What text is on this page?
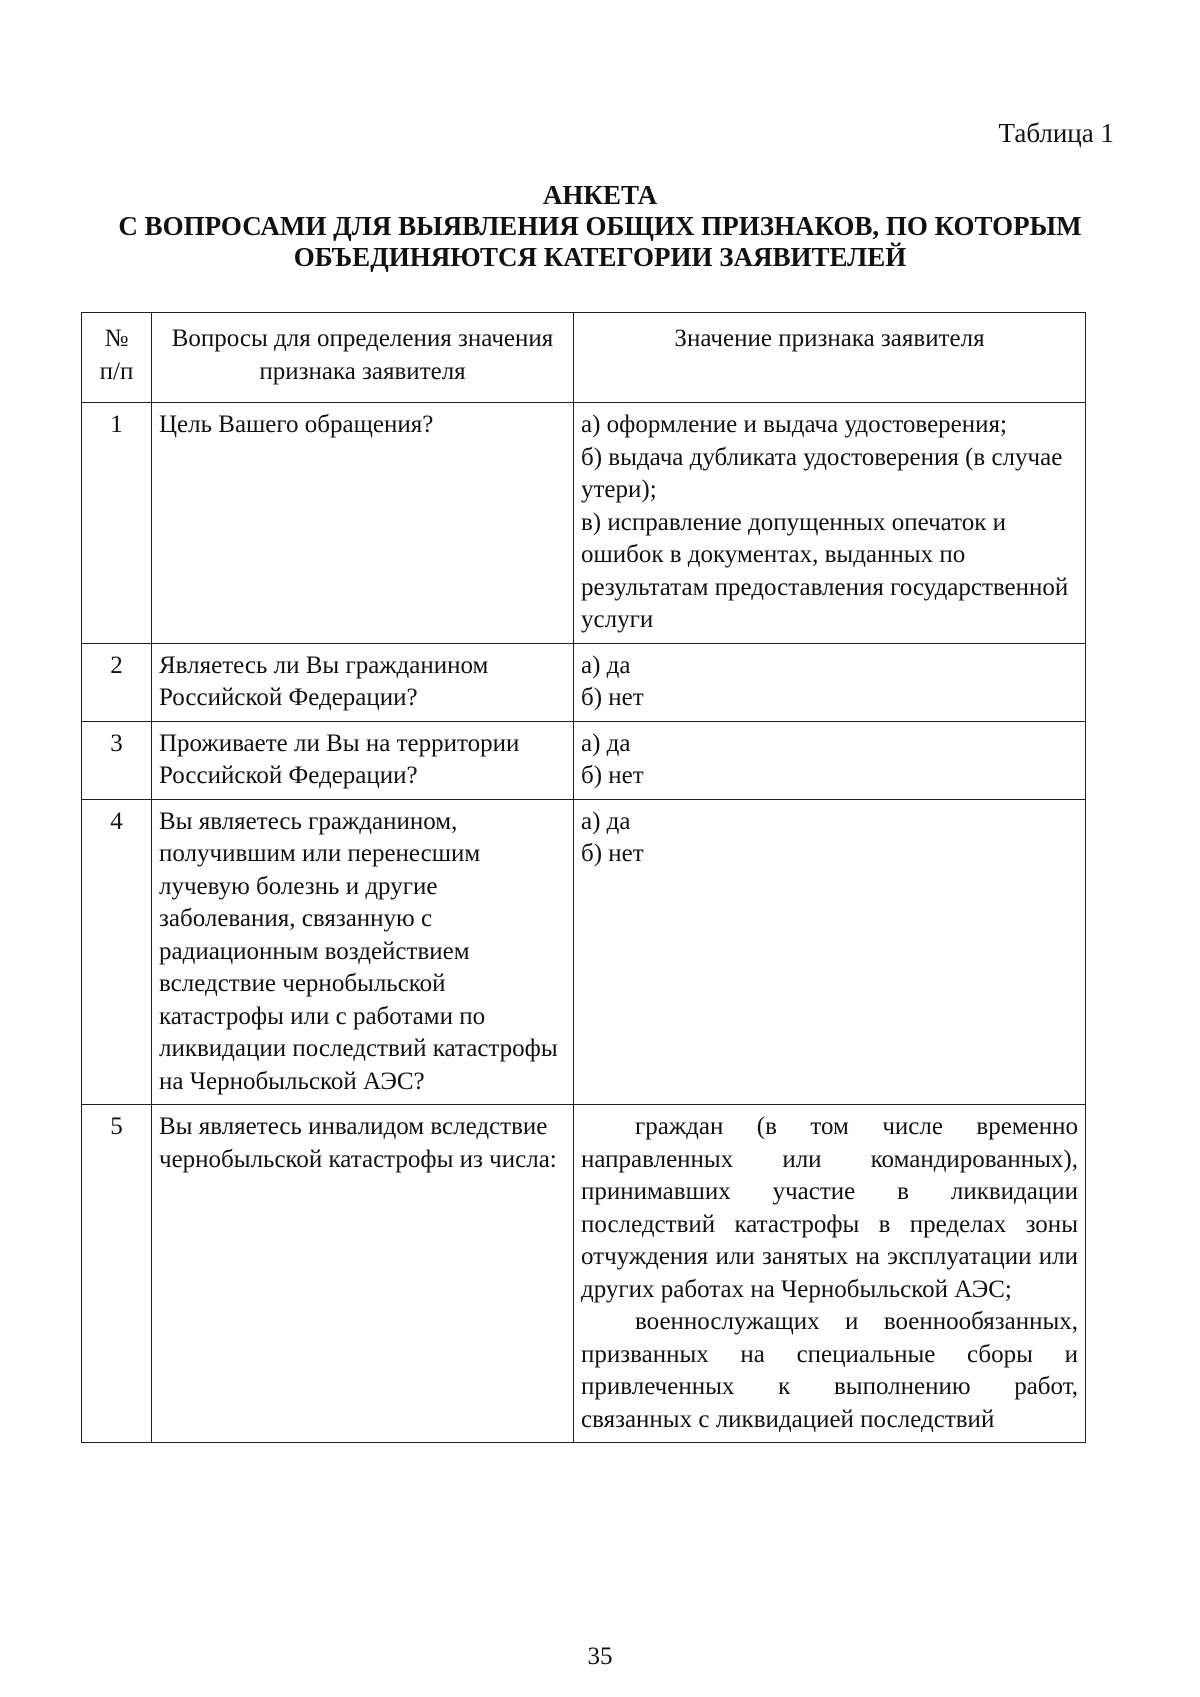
Таблица 1

АНКЕТА
С ВОПРОСАМИ ДЛЯ ВЫЯВЛЕНИЯ ОБЩИХ ПРИЗНАКОВ, ПО КОТОРЫМ
ОБЪЕДИНЯЮТСЯ КАТЕГОРИИ ЗАЯВИТЕЛЕЙ
№
п/п	Вопросы для определения значения признака заявителя	Значение признака заявителя
1	Цель Вашего обращения?	а) оформление и выдача удостоверения;
б) выдача дубликата удостоверения (в случае утери);
в) исправление допущенных опечаток и ошибок в документах, выданных по результатам предоставления государственной услуги

2	Являетесь ли Вы гражданином Российской Федерации?	а) да
б) нет

3	Проживаете ли Вы на территории Российской Федерации?	а) да
б) нет

4	Вы являетесь гражданином, получившим или перенесшим лучевую болезнь и другие заболевания, связанную с радиационным воздействием вследствие чернобыльской катастрофы или с работами по ликвидации последствий катастрофы на Чернобыльской АЭС?	а) да
б) нет

5	Вы являетесь инвалидом вследствие чернобыльской катастрофы из числа:	граждан (в том числе временно направленных или командированных), принимавших участие в ликвидации последствий катастрофы в пределах зоны отчуждения или занятых на эксплуатации или других работах на Чернобыльской АЭС;
военнослужащих и военнообязанных, призванных на специальные сборы и привлеченных к выполнению работ, связанных с ликвидацией последствий
35
